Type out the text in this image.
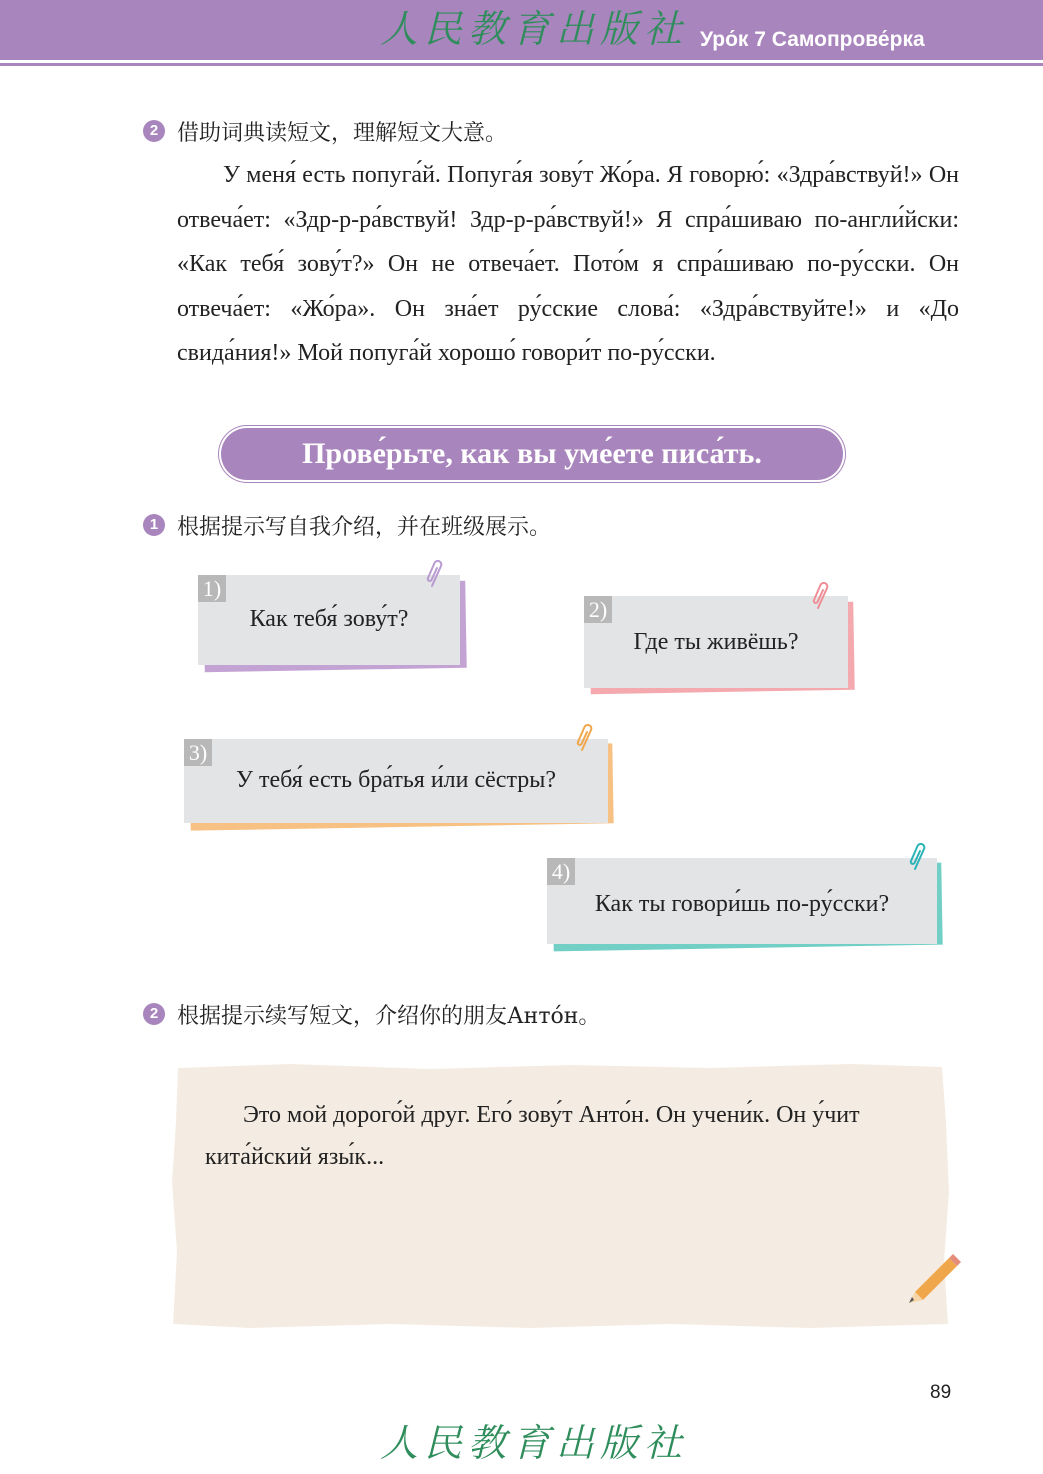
人民教育出版社 Уро́к 7 Самопрове́рка
2 借助词典读短文，理解短文大意。
У меня́ есть попуга́й. Попуга́я зову́т Жо́ра. Я говорю́: «Здра́вствуй!» Он отвеча́ет: «Здр-р-ра́вствуй! Здр-р-ра́вствуй!» Я спра́шиваю по-англи́йски: «Как тебя́ зову́т?» Он не отвеча́ет. Пото́м я спра́шиваю по-ру́сски. Он отвеча́ет: «Жо́ра». Он зна́ет ру́сские слова́: «Здра́вствуйте!» и «До свида́ния!» Мой попуга́й хорошо́ говори́т по-ру́сски.
Прове́рьте, как вы уме́ете писа́ть.
1 根据提示写自我介绍，并在班级展示。
1)
Как тебя́ зову́т?	2)
Где ты живёшь?
3)
У тебя́ есть бра́тья и́ли сёстры?
4)
Как ты говори́шь по-ру́сски?
2 根据提示续写短文，介绍你的朋友Анто́н。
Это мой дорого́й друг. Его́ зову́т Анто́н. Он учени́к. Он у́чит кита́йский язы́к...
89
人民教育出版社
